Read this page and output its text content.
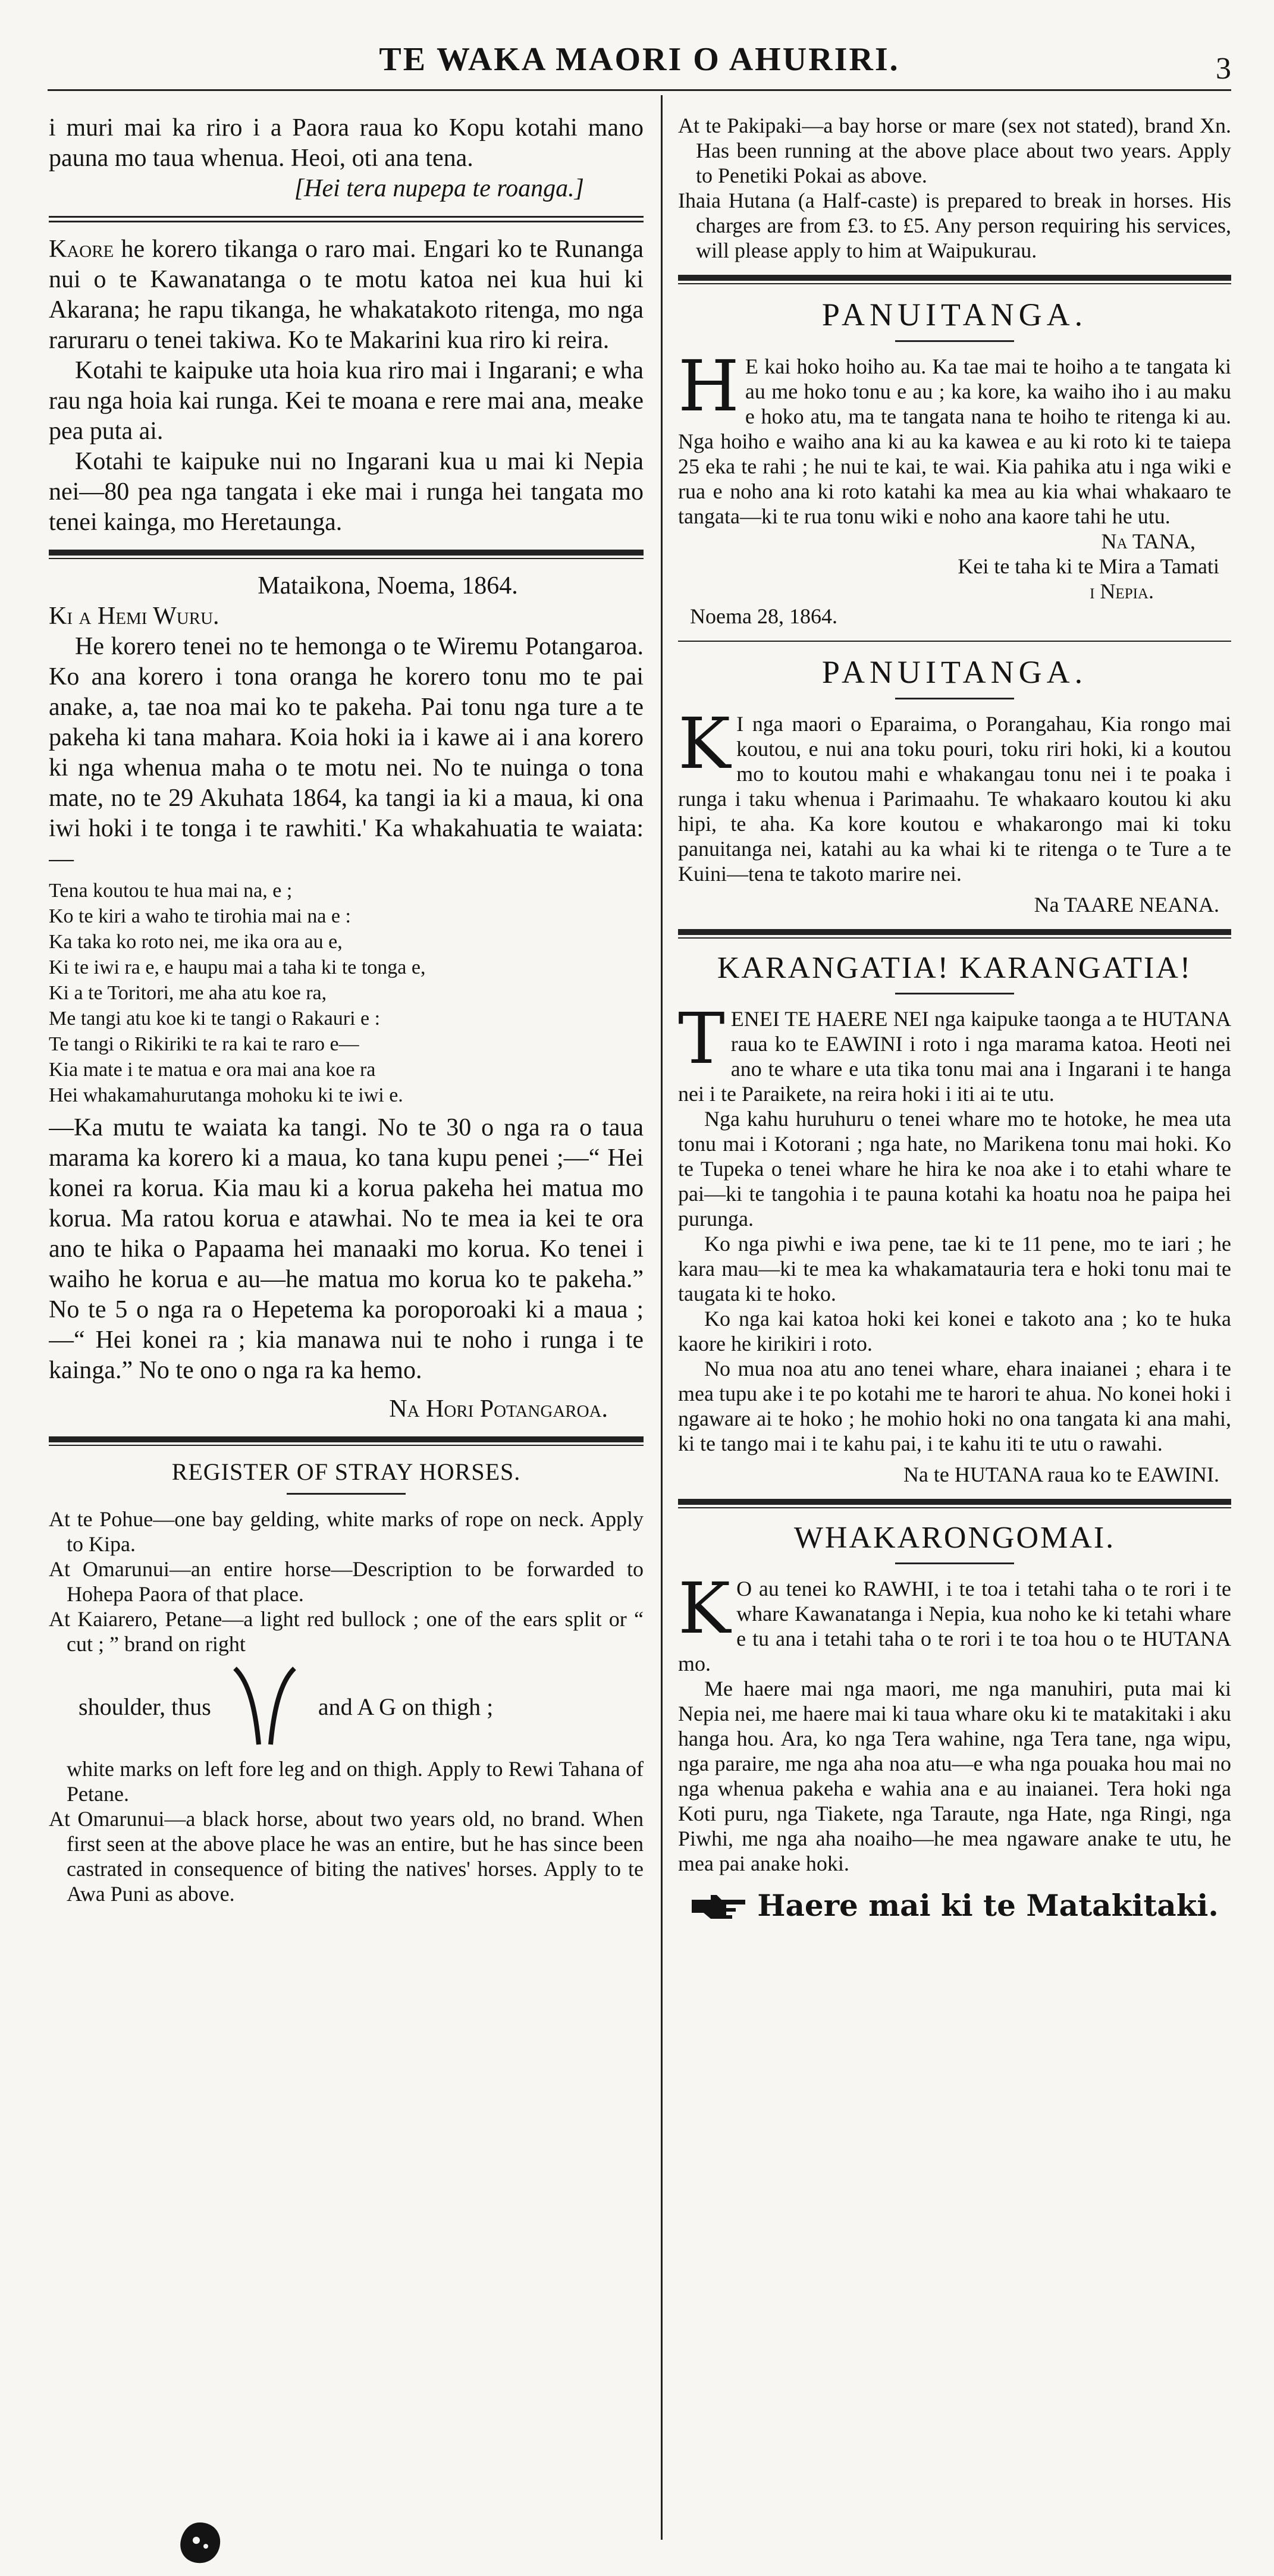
TE WAKA MAORI O AHURIRI.	3

i muri mai ka riro i a Paora raua ko Kopu kotahi mano pauna mo taua whenua. Heoi, oti ana tena.

[Hei tera nupepa te roanga.]

Kaore he korero tikanga o raro mai. Engari ko te Runanga nui o te Kawanatanga o te motu katoa nei kua hui ki Akarana; he rapu tikanga, he whakatakoto ritenga, mo nga raruraru o tenei takiwa. Ko te Makarini kua riro ki reira.

Kotahi te kaipuke uta hoia kua riro mai i Ingarani; e wha rau nga hoia kai runga. Kei te moana e rere mai ana, meake pea puta ai.

Kotahi te kaipuke nui no Ingarani kua u mai ki Nepia nei—80 pea nga tangata i eke mai i runga hei tangata mo tenei kainga, mo Heretaunga.

Mataikona, Noema, 1864.

Ki a Hemi Wuru.

He korero tenei no te hemonga o te Wiremu Potangaroa. Ko ana korero i tona oranga he korero tonu mo te pai anake, a, tae noa mai ko te pakeha. Pai tonu nga ture a te pakeha ki tana mahara. Koia hoki ia i kawe ai i ana korero ki nga whenua maha o te motu nei. No te nuinga o tona mate, no te 29 Akuhata 1864, ka tangi ia ki a maua, ki ona iwi hoki i te tonga i te rawhiti.' Ka whakahuatia te waiata:—

Tena koutou te hua mai na, e ;
Ko te kiri a waho te tirohia mai na e :
Ka taka ko roto nei, me ika ora au e,
Ki te iwi ra e, e haupu mai a taha ki te tonga e,
Ki a te Toritori, me aha atu koe ra,
Me tangi atu koe ki te tangi o Rakauri e :
Te tangi o Rikiriki te ra kai te raro e—
Kia mate i te matua e ora mai ana koe ra
Hei whakamahurutanga mohoku ki te iwi e.

—Ka mutu te waiata ka tangi. No te 30 o nga ra o taua marama ka korero ki a maua, ko tana kupu penei ;—“ Hei konei ra korua. Kia mau ki a korua pakeha hei matua mo korua. Ma ratou korua e atawhai. No te mea ia kei te ora ano te hika o Papaama hei manaaki mo korua. Ko tenei i waiho he korua e au—he matua mo korua ko te pakeha.” No te 5 o nga ra o Hepetema ka poroporoaki ki a maua ;—“ Hei konei ra ; kia manawa nui te noho i runga i te kainga.” No te ono o nga ra ka hemo.

Na Hori Potangaroa.

REGISTER OF STRAY HORSES.

At te Pohue—one bay gelding, white marks of rope on neck. Apply to Kipa.

At Omarunui—an entire horse—Description to be forwarded to Hohepa Paora of that place.

At Kaiarero, Petane—a light red bullock ; one of the ears split or “ cut ; ” brand on right

shoulder, thus	and A G on thigh ;

white marks on left fore leg and on thigh. Apply to Rewi Tahana of Petane.

At Omarunui—a black horse, about two years old, no brand. When first seen at the above place he was an entire, but he has since been castrated in consequence of biting the natives' horses. Apply to te Awa Puni as above.

At te Pakipaki—a bay horse or mare (sex not stated), brand Xn. Has been running at the above place about two years. Apply to Penetiki Pokai as above.

Ihaia Hutana (a Half-caste) is prepared to break in horses. His charges are from £3. to £5. Any person requiring his services, will please apply to him at Waipukurau.

PANUITANGA.

H E kai hoko hoiho au. Ka tae mai te hoiho a te tangata ki au me hoko tonu e au ; ka kore, ka waiho iho i au maku e hoko atu, ma te tangata nana te hoiho te ritenga ki au. Nga hoiho e waiho ana ki au ka kawea e au ki roto ki te taiepa 25 eka te rahi ; he nui te kai, te wai. Kia pahika atu i nga wiki e rua e noho ana ki roto katahi ka mea au kia whai whakaaro te tangata—ki te rua tonu wiki e noho ana kaore tahi he utu.

Na TANA,

Kei te taha ki te Mira a Tamati

i Nepia.

Noema 28, 1864.

PANUITANGA.

K I nga maori o Eparaima, o Porangahau, Kia rongo mai koutou, e nui ana toku pouri, toku riri hoki, ki a koutou mo to koutou mahi e whakangau tonu nei i te poaka i runga i taku whenua i Parimaahu. Te whakaaro koutou ki aku hipi, te aha. Ka kore koutou e whakarongo mai ki toku panuitanga nei, katahi au ka whai ki te ritenga o te Ture a te Kuini—tena te takoto marire nei.

Na TAARE NEANA.

KARANGATIA! KARANGATIA!

TENEI TE HAERE NEI nga kaipuke taonga a te HUTANA raua ko te EAWINI i roto i nga marama katoa. Heoti nei ano te whare e uta tika tonu mai ana i Ingarani i te hanga nei i te Paraikete, na reira hoki i iti ai te utu.

Nga kahu huruhuru o tenei whare mo te hotoke, he mea uta tonu mai i Kotorani ; nga hate, no Marikena tonu mai hoki. Ko te Tupeka o tenei whare he hira ke noa ake i to etahi whare te pai—ki te tangohia i te pauna kotahi ka hoatu noa he paipa hei purunga.

Ko nga piwhi e iwa pene, tae ki te 11 pene, mo te iari ; he kara mau—ki te mea ka whakamatauria tera e hoki tonu mai te taugata ki te hoko.

Ko nga kai katoa hoki kei konei e takoto ana ; ko te huka kaore he kirikiri i roto.

No mua noa atu ano tenei whare, ehara inaianei ; ehara i te mea tupu ake i te po kotahi me te harori te ahua. No konei hoki i ngaware ai te hoko ; he mohio hoki no ona tangata ki ana mahi, ki te tango mai i te kahu pai, i te kahu iti te utu o rawahi.

Na te HUTANA raua ko te EAWINI.

WHAKARONGOMAI.

K O au tenei ko RAWHI, i te toa i tetahi taha o te rori i te whare Kawanatanga i Nepia, kua noho ke ki tetahi whare e tu ana i tetahi taha o te rori i te toa hou o te HUTANA mo.

Me haere mai nga maori, me nga manuhiri, puta mai ki Nepia nei, me haere mai ki taua whare oku ki te matakitaki i aku hanga hou. Ara, ko nga Tera wahine, nga Tera tane, nga wipu, nga paraire, me nga aha noa atu—e wha nga pouaka hou mai no nga whenua pakeha e wahia ana e au inaianei. Tera hoki nga Koti puru, nga Tiakete, nga Taraute, nga Hate, nga Ringi, nga Piwhi, me nga aha noaiho—he mea ngaware anake te utu, he mea pai anake hoki.

Haere mai ki te Matakitaki.
